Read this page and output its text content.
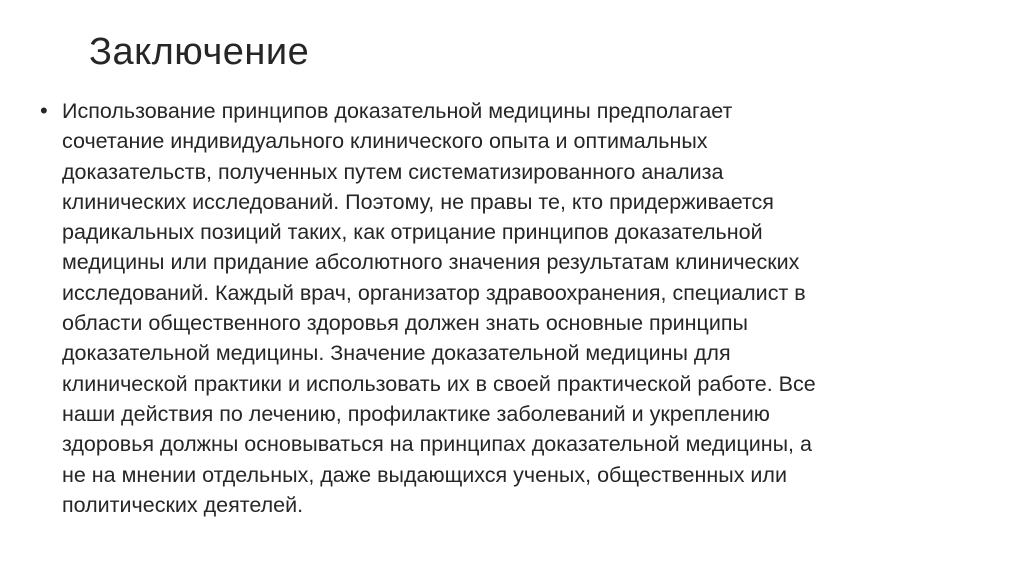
Заключение
• Использование принципов доказательной медицины предполагает
сочетание индивидуального клинического опыта и оптимальных
доказательств, полученных путем систематизированного анализа
клинических исследований. Поэтому, не правы те, кто придерживается
радикальных позиций таких, как отрицание принципов доказательной
медицины или придание абсолютного значения результатам клинических
исследований. Каждый врач, организатор здравоохранения, специалист в
области общественного здоровья должен знать основные принципы
доказательной медицины. Значение доказательной медицины для
клинической практики и использовать их в своей практической работе. Все
наши действия по лечению, профилактике заболеваний и укреплению
здоровья должны основываться на принципах доказательной медицины, а
не на мнении отдельных, даже выдающихся ученых, общественных или
политических деятелей.
